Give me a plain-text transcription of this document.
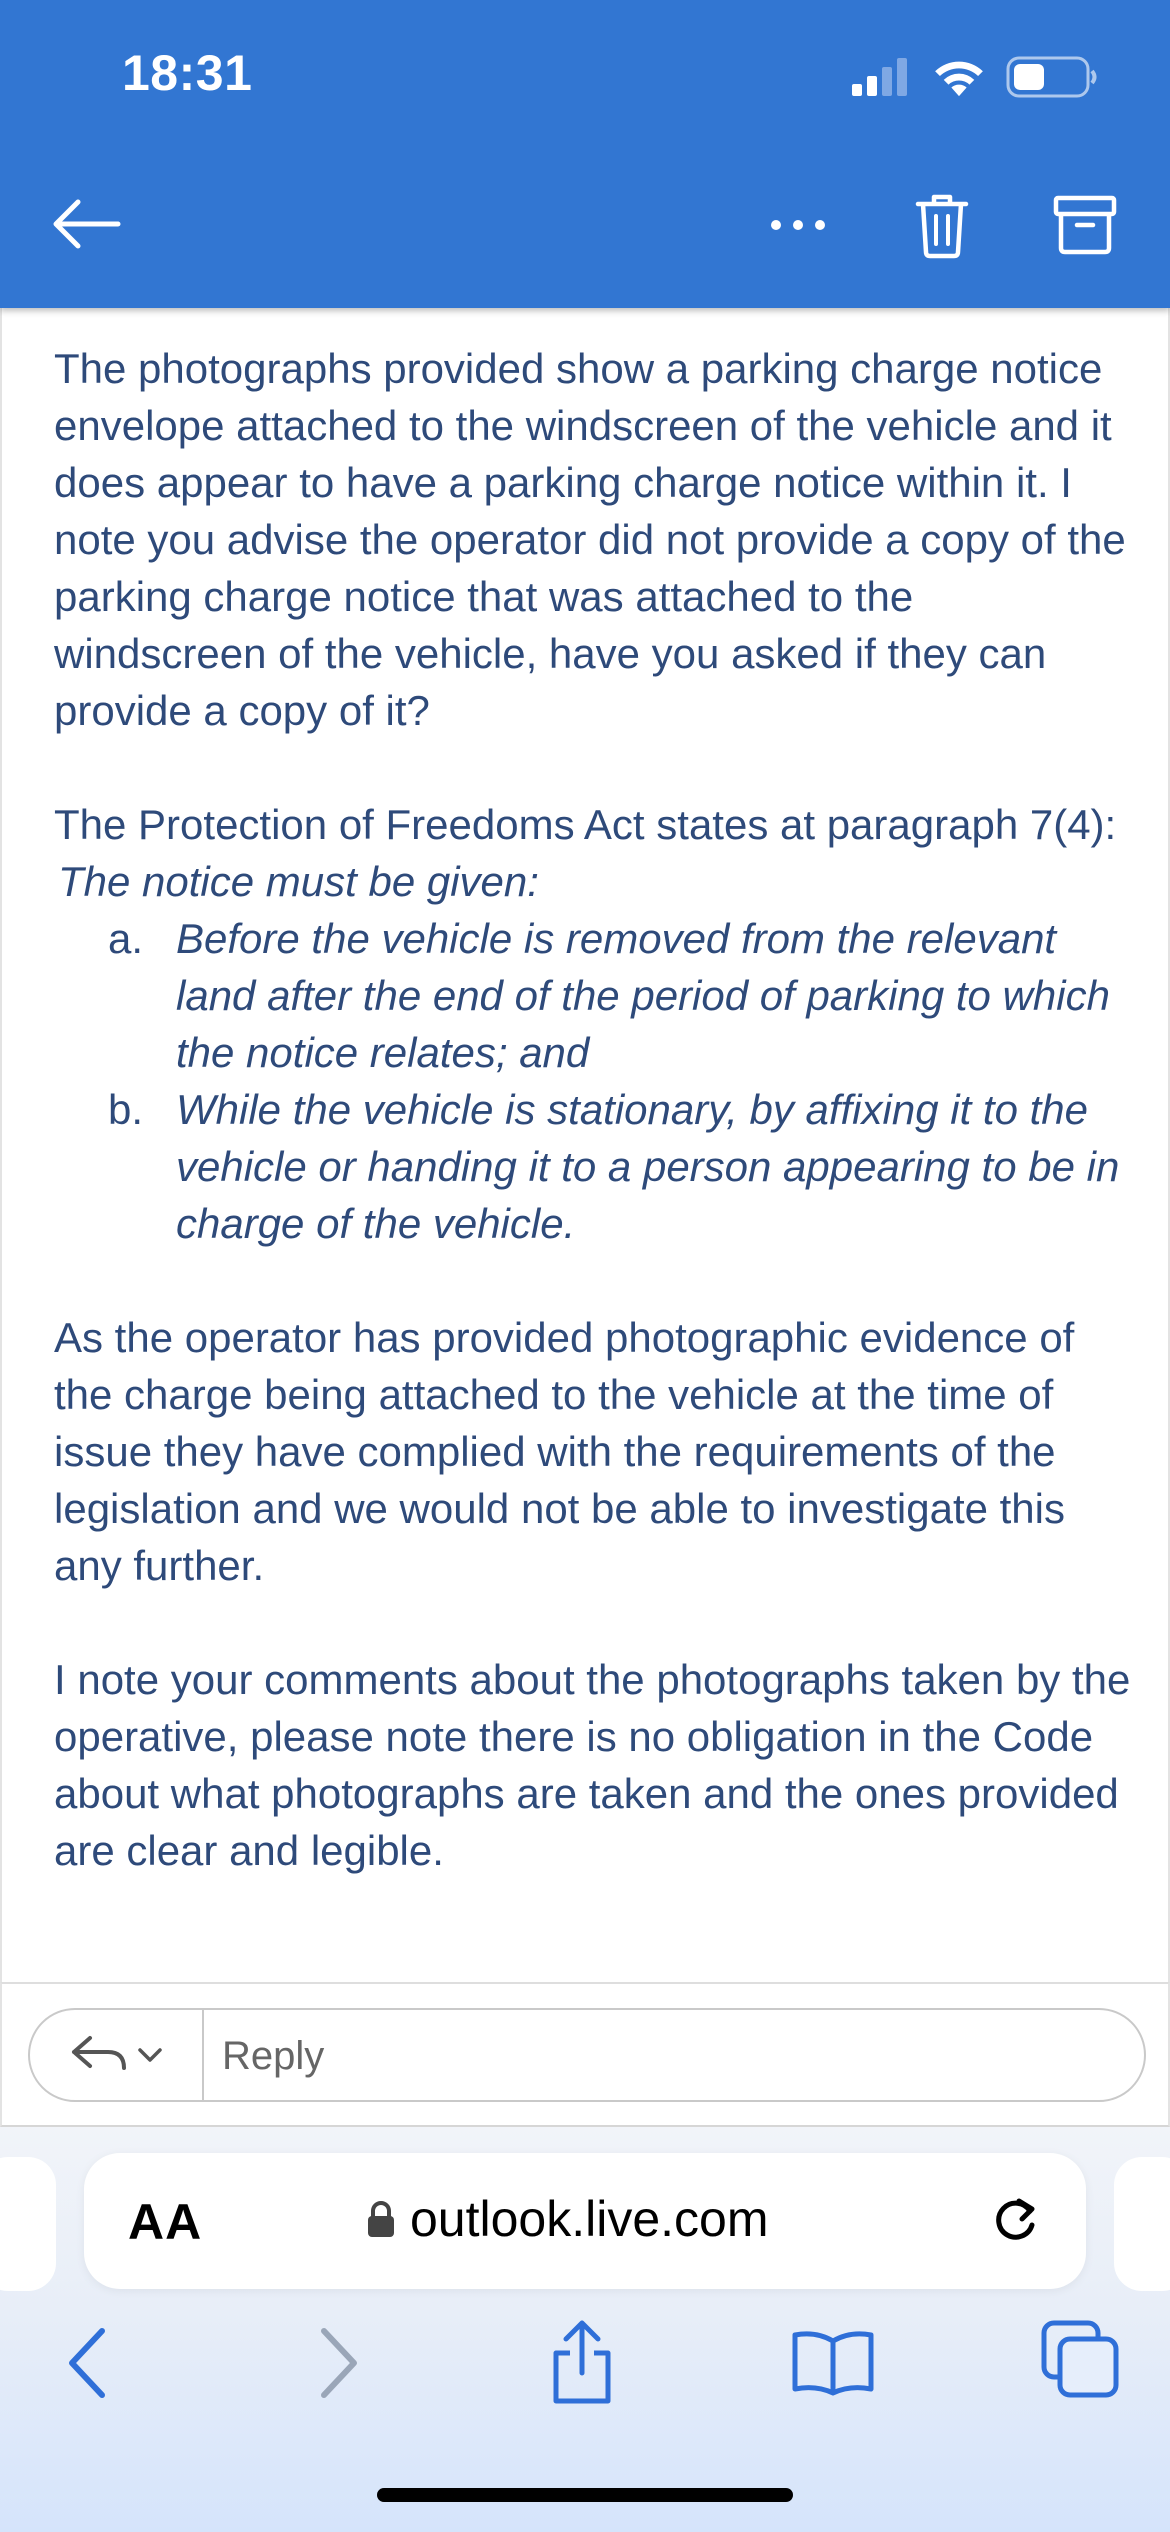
18:31

The photographs provided show a parking charge notice envelope attached to the windscreen of the vehicle and it does appear to have a parking charge notice within it. I note you advise the operator did not provide a copy of the parking charge notice that was attached to the windscreen of the vehicle, have you asked if they can provide a copy of it?

The Protection of Freedoms Act states at paragraph 7(4):

The notice must be given:

a. Before the vehicle is removed from the relevant land after the end of the period of parking to which the notice relates; and
b. While the vehicle is stationary, by affixing it to the vehicle or handing it to a person appearing to be in charge of the vehicle.

As the operator has provided photographic evidence of the charge being attached to the vehicle at the time of issue they have complied with the requirements of the legislation and we would not be able to investigate this any further.

I note your comments about the photographs taken by the operative, please note there is no obligation in the Code about what photographs are taken and the ones provided are clear and legible.

Reply
AA	outlook.live.com
